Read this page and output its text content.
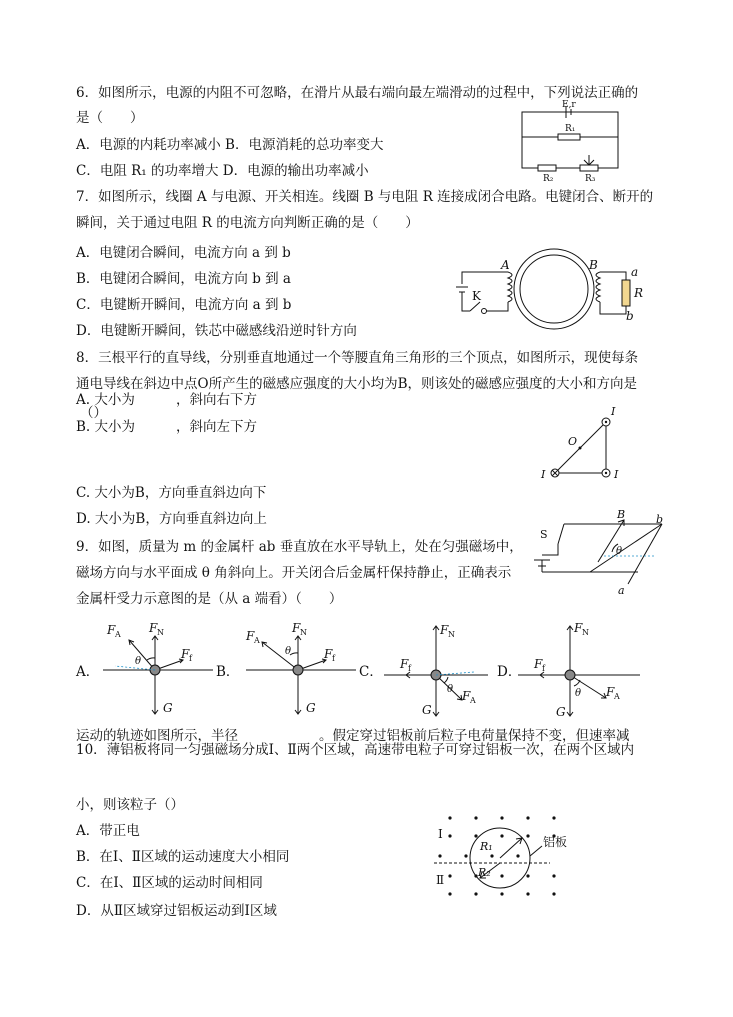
6．如图所示，电源的内阻不可忽略，在滑片从最右端向最左端滑动的过程中，下列说法正确的
是（　　）
A．电源的内耗功率减小 B．电源消耗的总功率变大
C．电阻 R₁ 的功率增大 D．电源的输出功率减小
E,r
R₁
R₂	R₃
7．如图所示，线圈 A 与电源、开关相连。线圈 B 与电阻 R 连接成闭合电路。电键闭合、断开的
瞬间，关于通过电阻 R 的电流方向判断正确的是（　　）
A．电键闭合瞬间，电流方向 a 到 b
B．电键闭合瞬间，电流方向 b 到 a
C．电键断开瞬间，电流方向 a 到 b
D．电键断开瞬间，铁芯中磁感线沿逆时针方向
A	B
K	R
a
b
8．三根平行的直导线，分别垂直地通过一个等腰直角三角形的三个顶点，如图所示，现使每条
通电导线在斜边中点O所产生的磁感应强度的大小均为B，则该处的磁感应强度的大小和方向是
A. 大小为	，斜向右下方
（）
B. 大小为	，斜向左下方
C. 大小为B，方向垂直斜边向下
D. 大小为B，方向垂直斜边向上
I
I
I
O
9．如图，质量为 m 的金属杆 ab 垂直放在水平导轨上，处在匀强磁场中，
磁场方向与水平面成 θ 角斜向上。开关闭合后金属杆保持静止，正确表示
金属杆受力示意图的是（从 a 端看）（　　）
S
B	b
a
θ
A．
F A F N
F f
G
θ
B．
F A
F N
F f
G
θ
C．
F N
F f
F A
G
θ
D．
F N
F f
F A
G
θ
运动的轨迹如图所示，半径　　　　　　。假定穿过铝板前后粒子电荷量保持不变，但速率减
10．薄铝板将同一匀强磁场分成Ⅰ、Ⅱ两个区域，高速带电粒子可穿过铝板一次，在两个区域内
小，则该粒子（）
A．带正电
B．在Ⅰ、Ⅱ区域的运动速度大小相同
C．在Ⅰ、Ⅱ区域的运动时间相同
D．从Ⅱ区域穿过铝板运动到Ⅰ区域
Ⅰ
Ⅱ
R₁
R₂
铝板
